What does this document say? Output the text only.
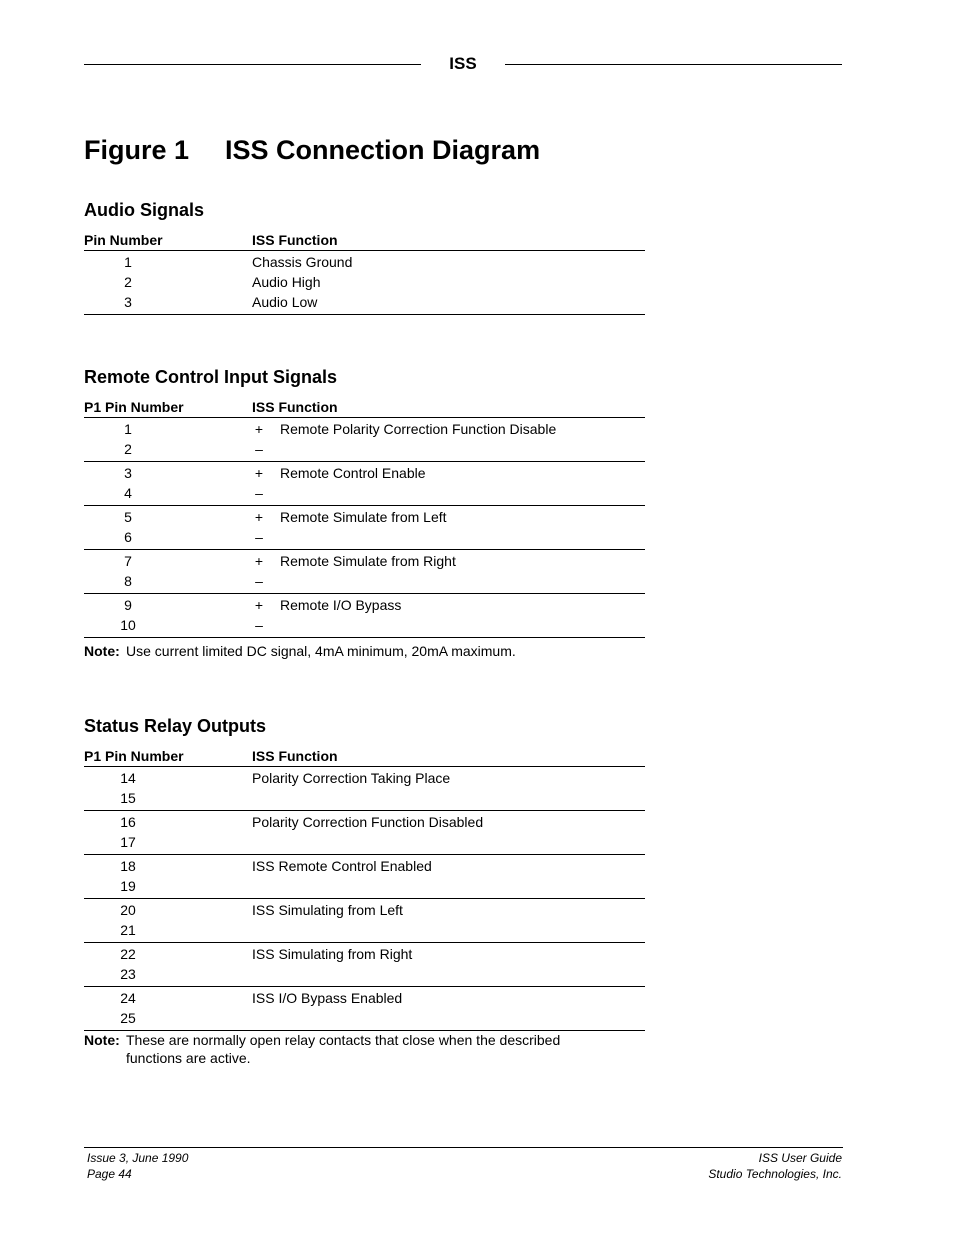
ISS
Figure 1 ISS Connection Diagram
Audio Signals
Pin Number	ISS Function
1	Chassis Ground
2	Audio High
3	Audio Low
Remote Control Input Signals
P1 Pin Number	ISS Function
1	+ Remote Polarity Correction Function Disable
2	–
3	+ Remote Control Enable
4	–
5	+ Remote Simulate from Left
6	–
7	+ Remote Simulate from Right
8	–
9	+ Remote I/O Bypass
10	–
Note: Use current limited DC signal, 4mA minimum, 20mA maximum.
Status Relay Outputs
P1 Pin Number	ISS Function
14	Polarity Correction Taking Place
15
16	Polarity Correction Function Disabled
17
18	ISS Remote Control Enabled
19
20	ISS Simulating from Left
21
22	ISS Simulating from Right
23
24	ISS I/O Bypass Enabled
25
Note: These are normally open relay contacts that close when the described
functions are active.
Issue 3, June 1990
Page 44
ISS User Guide
Studio Technologies, Inc.
